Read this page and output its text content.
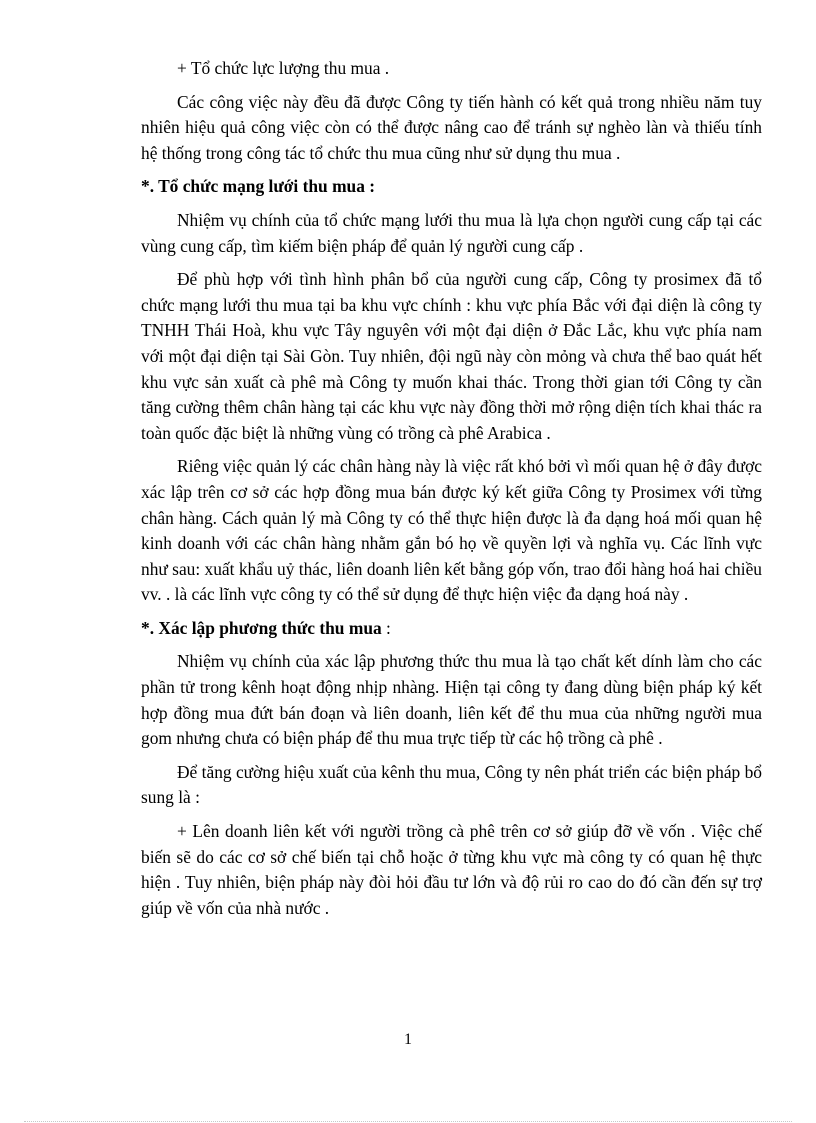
+ Tổ chức lực lượng thu mua .

Các công việc này đều đã được Công ty tiến hành có kết quả trong nhiều năm tuy nhiên hiệu quả công việc còn có thể được nâng cao để tránh sự nghèo làn và thiếu tính hệ thống trong công tác tổ chức thu mua cũng như sử dụng thu mua .

*. Tổ chức mạng lưới thu mua :

Nhiệm vụ chính của tổ chức mạng lưới thu mua là lựa chọn người cung cấp tại các vùng cung cấp, tìm kiếm biện pháp để quản lý người cung cấp .

Để phù hợp với tình hình phân bổ của người cung cấp, Công ty prosimex đã tổ chức mạng lưới thu mua tại ba khu vực chính : khu vực phía Bắc với đại diện là công ty TNHH Thái Hoà, khu vực Tây nguyên với một đại diện ở Đắc Lắc, khu vực phía nam với một đại diện tại Sài Gòn. Tuy nhiên, đội ngũ này còn mỏng và chưa thể bao quát hết khu vực sản xuất cà phê mà Công ty muốn khai thác. Trong thời gian tới Công ty cần tăng cường thêm chân hàng tại các khu vực này đồng thời mở rộng diện tích khai thác ra toàn quốc đặc biệt là những vùng có trồng cà phê Arabica .

Riêng việc quản lý các chân hàng này là việc rất khó bởi vì mối quan hệ ở đây được xác lập trên cơ sở các hợp đồng mua bán được ký kết giữa Công ty Prosimex với từng chân hàng. Cách quản lý mà Công ty có thể thực hiện được là đa dạng hoá mối quan hệ kinh doanh với các chân hàng nhằm gắn bó họ về quyền lợi và nghĩa vụ. Các lĩnh vực như sau: xuất khẩu uỷ thác, liên doanh liên kết bằng góp vốn, trao đổi hàng hoá hai chiều vv. . là các lĩnh vực công ty có thể sử dụng để thực hiện việc đa dạng hoá này .

*. Xác lập phương thức thu mua :

Nhiệm vụ chính của xác lập phương thức thu mua là tạo chất kết dính làm cho các phần tử trong kênh hoạt động nhịp nhàng. Hiện tại công ty đang dùng biện pháp ký kết hợp đồng mua đứt bán đoạn và liên doanh, liên kết để thu mua của những người mua gom nhưng chưa có biện pháp để thu mua trực tiếp từ các hộ trồng cà phê .

Để tăng cường hiệu xuất của kênh thu mua, Công ty nên phát triển các biện pháp bổ sung là :

+ Lên doanh liên kết với người trồng cà phê trên cơ sở giúp đỡ về vốn . Việc chế biến sẽ do các cơ sở chế biến tại chỗ hoặc ở từng khu vực mà công ty có quan hệ thực hiện . Tuy nhiên, biện pháp này đòi hỏi đầu tư lớn và độ rủi ro cao do đó cần đến sự trợ giúp về vốn của nhà nước .

1
